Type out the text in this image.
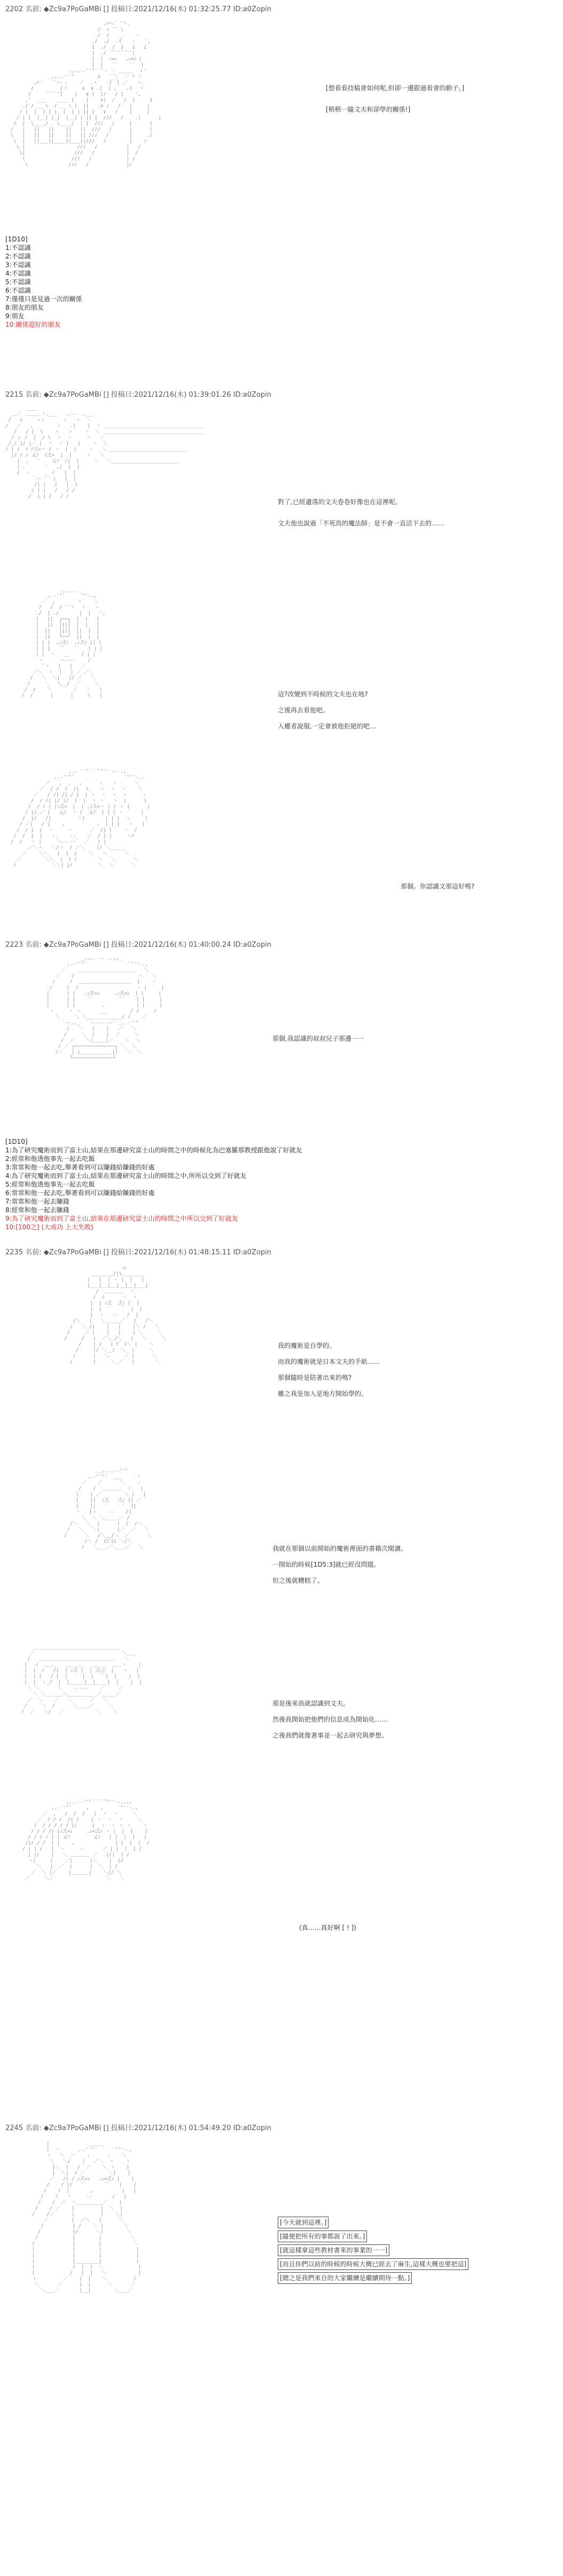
2202 名前: ◆Zc9a7PoGaMBi [] 投稿日:2021/12/16(木) 01:32:25.77 ID:a0Zopin
,rヘ´ ̄ ̄ヽ、
/  ∠ ̄ ̄  \
./  /   __    ヽ
./  ./  .イ   ヽ   ',
i  ./  /  }   i   i
|  ./ ̄ ̄ ̄ ̄ ̄ ̄ ̄ ̄ |
|  |  ﾆ=ｭ   ,ｭ=ﾆ |
|  |   ¨´    `¨  |
,,..-‐''"´ ̄`ヽ ＼ _____  ィ'
_,,..-''"        ∧   ￣＼  ／ ｿ ヽ
,r´   `'ｰ- ､    ／  .ヽ   .|￣| ,'   ゝ、
/         /ヾ     ∧  ∨ .|  | ,   ,イ  ヽ
/     ̄ ̄ ̄ ̄ ̄ ̄|    |   ∨ |  |/   / |    ',
,'  ___    ____ |    |    ∨|  /   /  |     i
./ / __ \  / __ \ |  ||   .∨ /   /   |     |
/ |  |  | | |  |  | | || |   ∨   /    |     |
/ | |  |__| |_|  |__| | || |  ///   /    .|      |
/  |  \____/   \____/  | |  ///   /     |      |
/   |   ||   ||    ||   ||  ///   /      |      |
\   |   ||   ||    ||   || ///   /       |     ./
\  |   ||___||____||___||///   /        |    /
\ |                  ///   /          |   /
\|                 ///   /           |  /
\                ///   /            | /
\              ///   /             |/
[想看看技稿會如何呢,但卻一邊跟過看會的動子。]
[稍稍一隨文夫和卻學的關係!]
[1D10]
1:不認識
2:不認識
3:不認識
4:不認識
5:不認識
6:不認識
7:僅僅只是見過一次的關係
8:朋友的朋友
9:朋友
10:關係超好的朋友
2215 名前: ◆Zc9a7PoGaMBi [] 投稿日:2021/12/16(木) 01:39:01.26 ID:a0Zopin
____
＿／  ＿＿＿ヽ.___   .-‐- ..___
/   ∠     ~ヽ      ヽ   ヽ  ＼
/   ／   ,        ヽ   .|    |  ヽ ___________________________________
/   / |  \    ヽ   ヽ    ヽ  ＼ ___________________________________
/ ィ /  |  / \  ヽ  ヽ     ヽ   ヽ
/_/ |/ |／ |  ヽ  ヽ |   |    ヽ  ＼
/ | /  ｲ ﾃ弍=ヽ / ヽ  |  |    ヽ   ＼ ___________________________
|/ / / 乂ｿ  ｲ弍=  |  |     ヽ   ＼
|  ,   `    乂ｿ  /|  |     ヽ   ＼_______________________
| 、      '   ,/  |  |
/  ヽ     _ イ   |  |
｀ｰ- '´ |   |  |
/| |   |   |  |
/ | |   /   / /
/  | | /   / /
對了,已經遺落的文夫卷卷好像也在這裡呢。
文夫他也說過「不死鳥的魔法師」是不會一直活下去的……
_____
,.-'"´     `"'-.,
／  ,      ｀ヽ    ＼
/   /  / ̄ ̄ ̄ヽ  ヽ   ヽ
./  | ./       |  |   ',
|   ||  ┌──┐  |  |   |
|   ||  │||│  |  |   |
|  ||   │||│  ||  |  |
|  ||   └──┘  ||  |  |
| | |  ,ｨ弍ｧ  ,ｨ弍ｧ || |
| | |   ¨`   ¨`   | | |
| |  ヽ   __    / | |
ヽ    ｀ｰ---ｰ´    /
`ヽ   |   |   ／
／＼  ヽ  |   | ／ ／＼
/   ＼  ＼|   |/ ／   ＼
/     ＼   \__/  ／     ＼
/  /    ＼       ／   ＼   \
/  /      |      |     \   \	這?改變到不時候的文夫也在地?
之後再去看他吧。
入權者說服,一定會被他拒絕的吧…
,.- ''"´ ̄ ̄`"'' ‐- .,
,.-''"´                 `"''-.,
／   ,  ,   ,    ｀ヽ   ヽ      ＼
／  / /  /  /|  ト、  ヽ  ヽ  ヽ    ＼
／   / /| /| / |  | ヽ  ヽ  ヽ  ヽ     ヽ
/  / /| |/ |/  |  |  ヽ ヽ   ヽ  |      |
/  / / | |ｨ弍=､ |  | ,ｨ弍=ヽ | | ヽ |      |
/ |/ ／ |   乂ｿ  ヽ |  乂ｿ  | | | ヽ      |
/  |/   /|         ヽ|       | | |  ヽ     |
/ ／|   / |    ,           ,  | | |   ヽ   |
/  / |  /  ヽ     ヽ      ／  /| |    ヽ  /
/  /  |  |   ヽ、   ‐‐    ／  / | |     ヽ/
/  /   ヽ |     `ｰ-‐--ｰ´  ／   | |
／＼ヽ   ＼/ヽ  / ／＼    |/ ＼_____
／    ＼＼   |  |  /    ＼   ＼      ＼
／        ＼＼  |  | /       ＼   ＼      ＼
/            ＼＼| |/         ＼  ＼      ＼
那個。你認識文那這好嗎?
2223 名前: ◆Zc9a7PoGaMBi [] 投稿日:2021/12/16(木) 01:40:00.24 ID:a0Zopin
_,,.. -- ..,,_
,.-''"´              `"''-.,
／    ____________________   ＼
／    /                      ヽ   ＼
/     /  ＿＿＿＿＿＿＿＿＿＿＿  |    ヽ
/     |  /                    ヽ |     |
|      | |   ,ｨ弍=ｭ     ,ｨ弍=ｭ  | |     |
|      | |    ¨`         ¨`    | |     |
|      | |         ,           | |     |
ヽ     ヽ ヽ      ___        / /     /
＼     ＼ ＼____________/ /    ／
｀ｰ-.,_  ｀ｰ------ｰ´ _,.-''"
/   ＼   |    |   ／   ＼
/     ＼  |    |  ／     ＼
/  ／    ＼|____|／    ＼  ＼
/ ／ ┌──────────────┐ ＼  ＼
/／   │ |___________|│   ＼  ＼
└──────────────┘
那個,我認識的叔叔兒子那邊一一
[1D10]
1:為了研究魔術而到了富士山,結果在那邊研究富士山的時間之中的時候化為巴塞羅那教授跟他說了好就友
2:經常和他透他事先一起去吃飯
3:常常和他一起去吃,舉著看到可以賺錢給賺錢的好處
4:為了研究魔術而到了富士山,結果在那邊研究富士山的時間之中,所所以交到了好就友
5:經常和他透他事先一起去吃飯
6:常常和他一起去吃,舉著看到可以賺錢給賺錢的好處
7:常常和他一起去賺錢
8:經常和他一起去賺錢
9:為了研究魔術而到了富士山,結果在那邊研究富士山的時間之中所以交到了好就友
10:[100之] (大成功 上大失敗)
2235 名前: ◆Zc9a7PoGaMBi [] 投稿日:2021/12/16(木) 01:48:15.11 ID:a0Zopin
ｏ
________/|\________
|   |  | ヽ |  |   |
|___|__|__|__|__|___|
/  ＿＿＿＿  ヽ
/  /      ヽ  ヽ
|  | ｨ弍  弍ｨ |  |
|  |  ¨    ¨  |  |
|  ヽ   ‐‐   /  |
/＼   |   ＼_____／   |   /＼
/   ＼ /|    |   |    |＼ /   ＼
/     ／ |    |   |    | ＼     ＼
/     /   |  ／＼_/＼   |   ＼     ＼
/    | /   ( ﾋﾞ )＼ |    ＼
/     |/ ＼__/  ＼_ |     ＼
/      |   ＼     ／ |      ＼
/       |     ＼_／   |       ＼
我的魔術是自學的。
而我的魔術就是日本文夫的手紙……
那個隨時是陪著出來的嗎?
雖之我是加入是地方開始學的。
__,,..-‐''"
,.-''"´  ___    `ヽ
／    ／      ＼    ヽ
/    /  ＿＿＿＿  ヽ   |
|    | ／        ＼ |   |
|    ||  ｨ弍   弍ｨ || ／
|    ||   ¨     ¨  ||
ヽ   |ヽ    ‐‐    /|
＼  ＼ ＼_____／ /
/＼   ＼  |      |  /  /＼
/   ＼   ＼|      |／  ／   ＼
/      ＼   /＼__/＼  ／      ＼
/＼ /  (ﾋﾞﾋ) ＼/＼
/   ＼___／＼___／   ＼	我就在那個以前開始的魔術裡面的書籍次閱讀。
一開始的時候[1D5:3]就已經沒問題。
但之後就糟糕了。
______________________________
／                              ＼___
/   ＿＿＿＿＿＿＿＿＿＿＿＿＿＿＿＿   ＼
|   /  ＿＿_   ______  ______  ＿＿ヽ    |
|  |  /   /|  | ｨ弍 |  | 弍ｨ|  |   ヽ   |
|  | |   / |  |  ¨  |  |  ¨ |  |    |  |
|  |  ヽ_/  |  |_____|__|____|  |    |  |
ヽ ＼      ＼    ‐‐‐‐‐    ／     ／
＼ ＼______＼__________／_____／
／  ＼    ／   ＼      ／   ＼
/     ＼  /      ＼____／     ＼
/  ／   ＼/   ／           ＼    ＼
那是後來我就認識到文夫。
然後我開始把他們的信息成為開始化……
之後我們就像著事並一起去研究與夢想。
,,..-‐''"´ ̄ ̄ ̄`"''‐-..,,
,.-''"´     ,    ,     `"''-.,
／  ,   /  /  /   |  ヽ  ヽ     ＼
／  / / /  /| /    | ヽ  ヽ  ヽ     ＼
/  / / / / / |/     |  ヽ  ヽ ヽ ヽ    ヽ
/ / / /| |ｨ弍=ｭ     ,ｭ=弍ｨ ヽ |  |  |    |
/ / / / | | 乂ｿ        乂ｿ   | |  |  |   |
/|/ / /  | |    ,              | |  |  |  /
/ | | /   |  ヽ     ‐‐      ／ | |  |  | /
| |/    |   ＼ ＿＿＿＿ ／   |/|  | /
ヽ|     |    ／|      |＼    |  |/
＼   |  ／  |      |  ＼  | /
／  ＼ |／    |______|    ＼|/ ＼
／     ＼／                  ＼   ＼
(真……真好啊 [ ! ])
2245 名前: ◆Zc9a7PoGaMBi [] 投稿日:2021/12/16(木) 01:54:49.20 ID:a0Zopin
|              _____
|  ヽ      ,.-''"´     `"''-.,
ヽ   ＼  ／    ,      ,    ＼
＼   ＼/    /   ／＼  ヽ    ヽ
|＼  |   /  ／    ＼ ヽ    |
|  ＼|  / ／        ＼|    |
／   /| / ｨ弍=ｭ   ,ｭ=弍ｨ |    |
/    / |/   ¨`      ¨`   |    |
/    /  |       ,          |   |
/    /   ヽ     ‐‐       /   |
/    /  ／  ＼_________／    |
/    / ／    |         |  ＼  |
/    /／      |         |    ＼|
／        |  ／＼   |      ＼
/          | /    ＼ |       ＼
/           |/      ＼|        ＼
/            |        |          ＼
/             |        |           ＼
|             |        |            |
|             |        |            |
|             |________|            |
|             /  |  |  ＼            |
|            /   |  |   ＼           |
ヽ         ／    |  |    ＼         /
＼      ／      |  |      ＼      ／
＼___／       |__|        ＼___／
[今天就到這裡。]
[隨便把所有的事都說了出來。]
[就這樣拿這些教材書來的事業的一一]
[而且你們以前的時候的時候大概已經去了麻生,這樣大概也要把這]
[總之是我們來自的大家繼續是繼續期待一點。]
